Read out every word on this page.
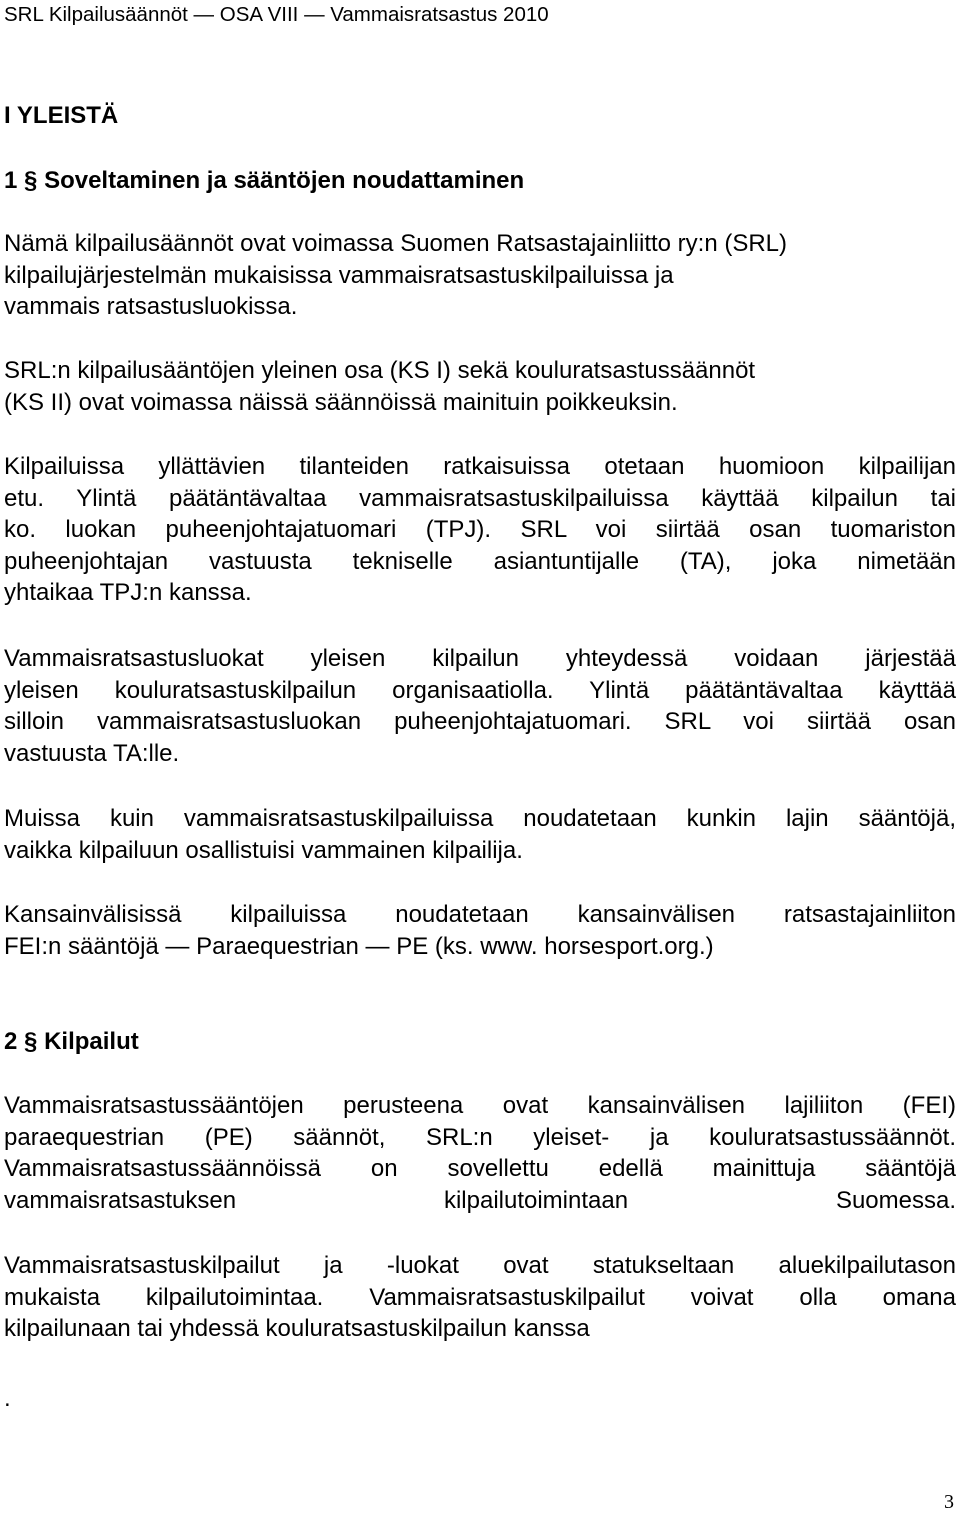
SRL Kilpailusäännöt — OSA VIII — Vammaisratsastus 2010
I YLEISTÄ
1 § Soveltaminen ja sääntöjen noudattaminen
Nämä kilpailusäännöt ovat voimassa Suomen Ratsastajainliitto ry:n (SRL)
kilpailujärjestelmän mukaisissa vammaisratsastuskilpailuissa ja
vammais ratsastusluokissa.
SRL:n kilpailusääntöjen yleinen osa (KS I) sekä kouluratsastussäännöt
(KS II) ovat voimassa näissä säännöissä mainituin poikkeuksin.
Kilpailuissa yllättävien tilanteiden ratkaisuissa otetaan huomioon kilpailijan
etu. Ylintä päätäntävaltaa vammaisratsastuskilpailuissa käyttää kilpailun tai
ko. luokan puheenjohtajatuomari (TPJ). SRL voi siirtää osan tuomariston
puheenjohtajan vastuusta tekniselle asiantuntijalle (TA), joka nimetään
yhtaikaa TPJ:n kanssa.
Vammaisratsastusluokat yleisen kilpailun yhteydessä voidaan järjestää
yleisen kouluratsastuskilpailun organisaatiolla. Ylintä päätäntävaltaa käyttää
silloin vammaisratsastusluokan puheenjohtajatuomari. SRL voi siirtää osan
vastuusta TA:lle.
Muissa kuin vammaisratsastuskilpailuissa noudatetaan kunkin lajin sääntöjä,
vaikka kilpailuun osallistuisi vammainen kilpailija.
Kansainvälisissä kilpailuissa noudatetaan kansainvälisen ratsastajainliiton
FEI:n sääntöjä — Paraequestrian — PE (ks. www. horsesport.org.)
2 § Kilpailut
Vammaisratsastussääntöjen perusteena ovat kansainvälisen lajiliiton (FEI)
paraequestrian (PE) säännöt, SRL:n yleiset- ja kouluratsastussäännöt.
Vammaisratsastussäännöissä on sovellettu edellä mainittuja sääntöjä
vammaisratsastuksen kilpailutoimintaan Suomessa.
Vammaisratsastuskilpailut ja -luokat ovat statukseltaan aluekilpailutason
mukaista kilpailutoimintaa. Vammaisratsastuskilpailut voivat olla omana
kilpailunaan tai yhdessä kouluratsastuskilpailun kanssa
.
3
